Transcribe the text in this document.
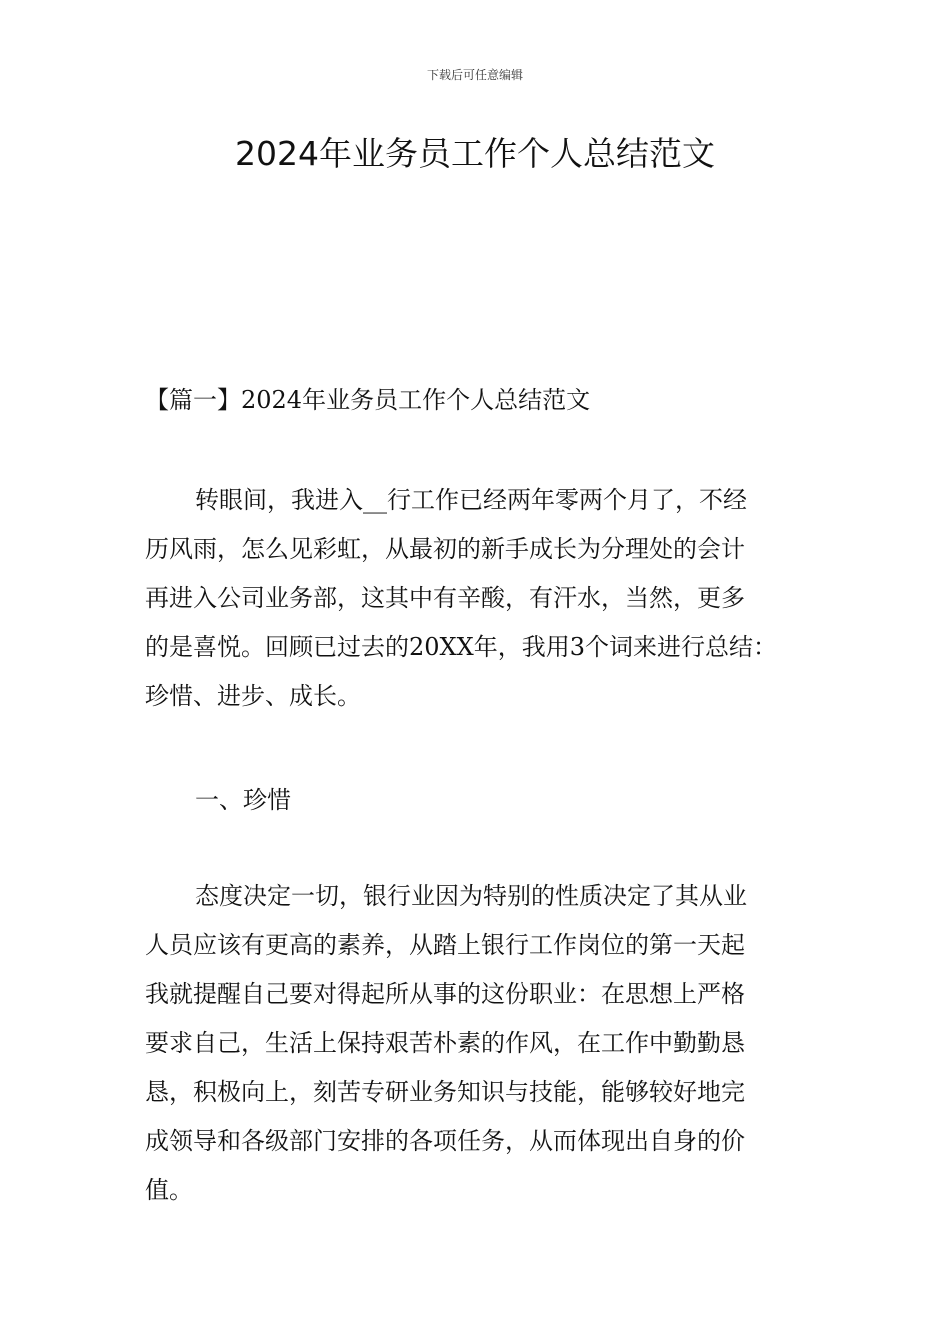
下载后可任意编辑
2024年业务员工作个人总结范文

【篇一】2024年业务员工作个人总结范文

转眼间，我进入__行工作已经两年零两个月了，不经
历风雨，怎么见彩虹，从最初的新手成长为分理处的会计
再进入公司业务部，这其中有辛酸，有汗水，当然，更多
的是喜悦。回顾已过去的20XX年，我用3个词来进行总结：
珍惜、进步、成长。

一、珍惜

态度决定一切，银行业因为特别的性质决定了其从业
人员应该有更高的素养，从踏上银行工作岗位的第一天起
我就提醒自己要对得起所从事的这份职业：在思想上严格
要求自己，生活上保持艰苦朴素的作风，在工作中勤勤恳
恳，积极向上，刻苦专研业务知识与技能，能够较好地完
成领导和各级部门安排的各项任务，从而体现出自身的价
值。
